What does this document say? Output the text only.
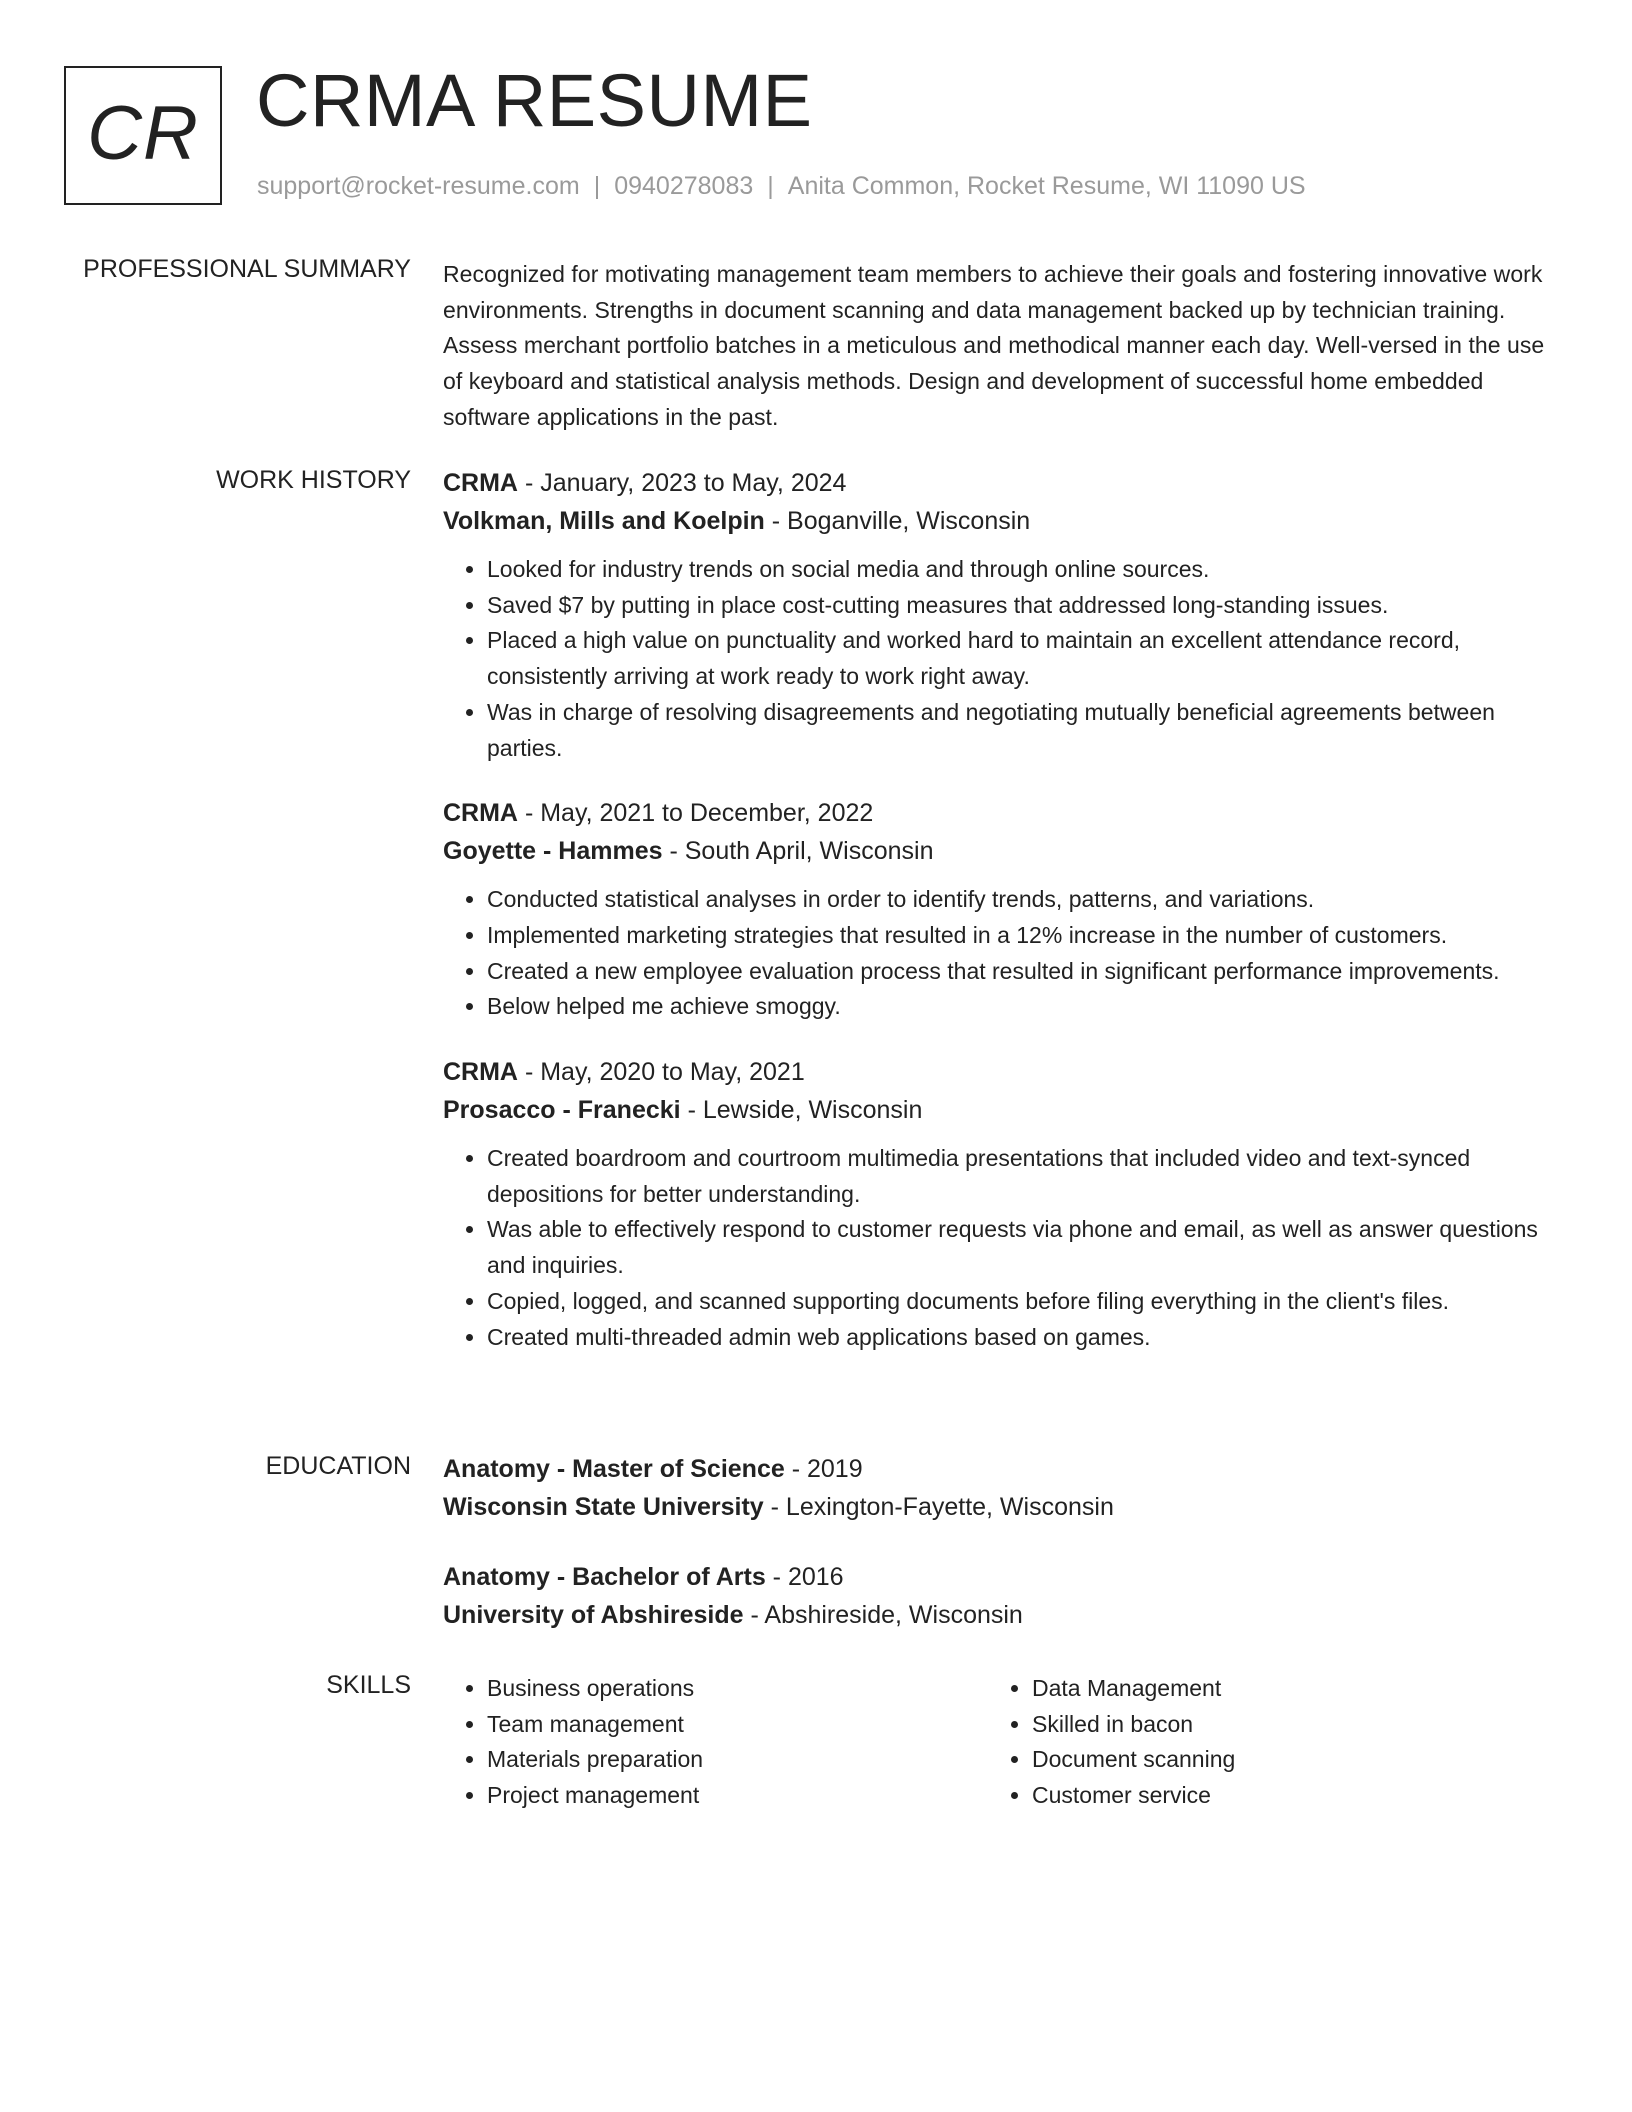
CR CRMA RESUME
support@rocket-resume.com | 0940278083 | Anita Common, Rocket Resume, WI 11090 US
PROFESSIONAL SUMMARY Recognized for motivating management team members to achieve their goals and fostering innovative work environments. Strengths in document scanning and data management backed up by technician training. Assess merchant portfolio batches in a meticulous and methodical manner each day. Well-versed in the use of keyboard and statistical analysis methods. Design and development of successful home embedded software applications in the past.

WORK HISTORY CRMA - January, 2023 to May, 2024
Volkman, Mills and Koelpin - Boganville, Wisconsin
• Looked for industry trends on social media and through online sources.
• Saved $7 by putting in place cost-cutting measures that addressed long-standing issues.
• Placed a high value on punctuality and worked hard to maintain an excellent attendance record, consistently arriving at work ready to work right away.
• Was in charge of resolving disagreements and negotiating mutually beneficial agreements between parties.
CRMA - May, 2021 to December, 2022
Goyette - Hammes - South April, Wisconsin
• Conducted statistical analyses in order to identify trends, patterns, and variations.
• Implemented marketing strategies that resulted in a 12% increase in the number of customers.
• Created a new employee evaluation process that resulted in significant performance improvements.
• Below helped me achieve smoggy.
CRMA - May, 2020 to May, 2021
Prosacco - Franecki - Lewside, Wisconsin
• Created boardroom and courtroom multimedia presentations that included video and text-synced depositions for better understanding.
• Was able to effectively respond to customer requests via phone and email, as well as answer questions and inquiries.
• Copied, logged, and scanned supporting documents before filing everything in the client's files.
• Created multi-threaded admin web applications based on games.
EDUCATION Anatomy - Master of Science - 2019
Wisconsin State University - Lexington-Fayette, Wisconsin
Anatomy - Bachelor of Arts - 2016
University of Abshireside - Abshireside, Wisconsin
SKILLS
•	Business operations
• Team management
• Materials preparation
• Project management
• Data Management
• Skilled in bacon
• Document scanning
• Customer service
